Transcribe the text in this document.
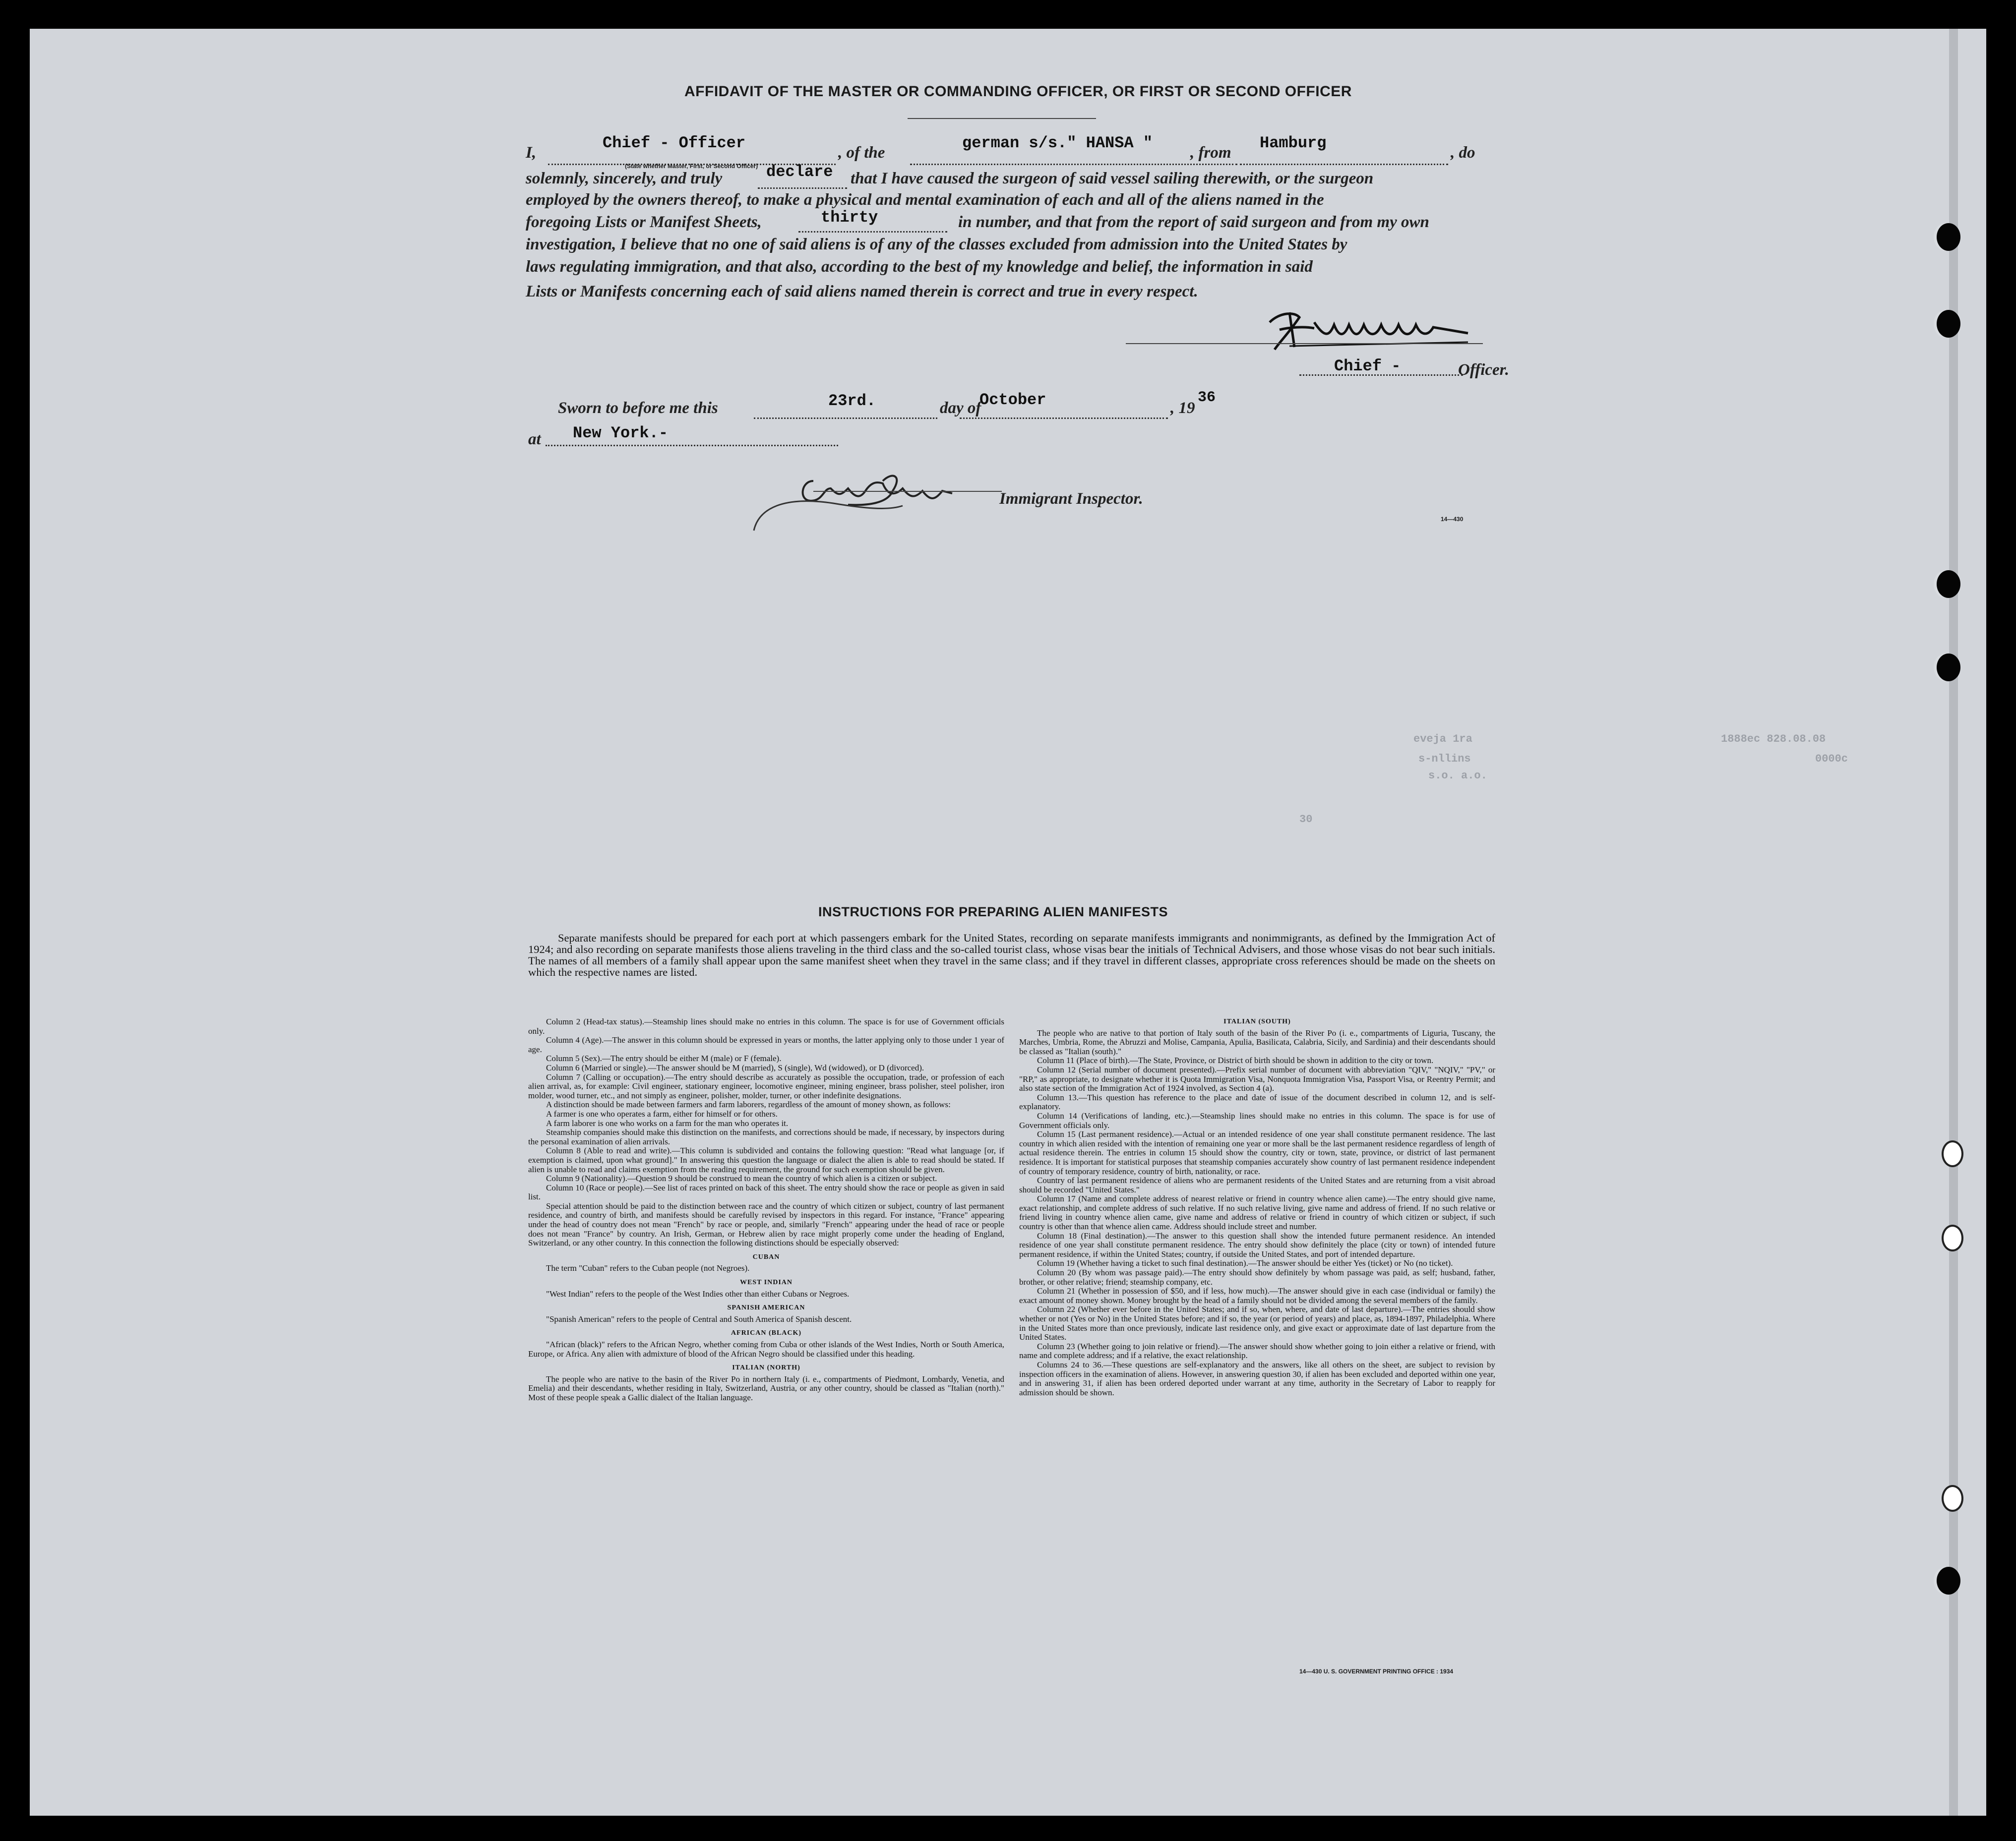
AFFIDAVIT OF THE MASTER OR COMMANDING OFFICER, OR FIRST OR SECOND OFFICER
I,
Chief - Officer
(State whether Master, First, or Second Officer)
, of the
german s/s." HANSA "
, from
Hamburg
, do
solemnly, sincerely, and truly	declare that I have caused the surgeon of said vessel sailing therewith, or the surgeon
employed by the owners thereof, to make a physical and mental examination of each and all of the aliens named in the
foregoing Lists or Manifest Sheets,	thirty	in number, and that from the report of said surgeon and from my own
investigation, I believe that no one of said aliens is of any of the classes excluded from admission into the United States by
laws regulating immigration, and that also, according to the best of my knowledge and belief, the information in said
Lists or Manifests concerning each of said aliens named therein is correct and true in every respect.
Chief -	Officer.
Sworn to before me this	23rd.	day of
October	, 19
36
at New York.-
Immigrant Inspector.
14—430
eveja 1ra
s-nllins
s.o. a.o.
1888ec 828.08.08
0000c
30
INSTRUCTIONS FOR PREPARING ALIEN MANIFESTS
Separate manifests should be prepared for each port at which passengers embark for the United States, recording on separate manifests immigrants and nonimmigrants, as defined by the Immigration Act of 1924; and also recording on separate manifests those aliens traveling in the third class and the so-called tourist class, whose visas bear the initials of Technical Advisers, and those whose visas do not bear such initials. The names of all members of a family shall appear upon the same manifest sheet when they travel in the same class; and if they travel in different classes, appropriate cross references should be made on the sheets on which the respective names are listed.

Column 2 (Head-tax status).—Steamship lines should make no entries in this column. The space is for use of Government officials only.

Column 4 (Age).—The answer in this column should be expressed in years or months, the latter applying only to those under 1 year of age.

Column 5 (Sex).—The entry should be either M (male) or F (female).

Column 6 (Married or single).—The answer should be M (married), S (single), Wd (widowed), or D (divorced).

Column 7 (Calling or occupation).—The entry should describe as accurately as possible the occupation, trade, or profession of each alien arrival, as, for example: Civil engineer, stationary engineer, locomotive engineer, mining engineer, brass polisher, steel polisher, iron molder, wood turner, etc., and not simply as engineer, polisher, molder, turner, or other indefinite designations.

A distinction should be made between farmers and farm laborers, regardless of the amount of money shown, as follows:

A farmer is one who operates a farm, either for himself or for others.

A farm laborer is one who works on a farm for the man who operates it.

Steamship companies should make this distinction on the manifests, and corrections should be made, if necessary, by inspectors during the personal examination of alien arrivals.

Column 8 (Able to read and write).—This column is subdivided and contains the following question: "Read what language [or, if exemption is claimed, upon what ground]." In answering this question the language or dialect the alien is able to read should be stated. If alien is unable to read and claims exemption from the reading requirement, the ground for such exemption should be given.

Column 9 (Nationality).—Question 9 should be construed to mean the country of which alien is a citizen or subject.

Column 10 (Race or people).—See list of races printed on back of this sheet. The entry should show the race or people as given in said list.

Special attention should be paid to the distinction between race and the country of which citizen or subject, country of last permanent residence, and country of birth, and manifests should be carefully revised by inspectors in this regard. For instance, "France" appearing under the head of country does not mean "French" by race or people, and, similarly "French" appearing under the head of race or people does not mean "France" by country. An Irish, German, or Hebrew alien by race might properly come under the heading of England, Switzerland, or any other country. In this connection the following distinctions should be especially observed:

CUBAN

The term "Cuban" refers to the Cuban people (not Negroes).

WEST INDIAN

"West Indian" refers to the people of the West Indies other than either Cubans or Negroes.

SPANISH AMERICAN

"Spanish American" refers to the people of Central and South America of Spanish descent.

AFRICAN (BLACK)

"African (black)" refers to the African Negro, whether coming from Cuba or other islands of the West Indies, North or South America, Europe, or Africa. Any alien with admixture of blood of the African Negro should be classified under this heading.

ITALIAN (NORTH)

The people who are native to the basin of the River Po in northern Italy (i. e., compartments of Piedmont, Lombardy, Venetia, and Emelia) and their descendants, whether residing in Italy, Switzerland, Austria, or any other country, should be classed as "Italian (north)." Most of these people speak a Gallic dialect of the Italian language.

ITALIAN (SOUTH)

The people who are native to that portion of Italy south of the basin of the River Po (i. e., compartments of Liguria, Tuscany, the Marches, Umbria, Rome, the Abruzzi and Molise, Campania, Apulia, Basilicata, Calabria, Sicily, and Sardinia) and their descendants should be classed as "Italian (south)."

Column 11 (Place of birth).—The State, Province, or District of birth should be shown in addition to the city or town.

Column 12 (Serial number of document presented).—Prefix serial number of document with abbreviation "QIV," "NQIV," "PV," or "RP," as appropriate, to designate whether it is Quota Immigration Visa, Nonquota Immigration Visa, Passport Visa, or Reentry Permit; and also state section of the Immigration Act of 1924 involved, as Section 4 (a).

Column 13.—This question has reference to the place and date of issue of the document described in column 12, and is self-explanatory.

Column 14 (Verifications of landing, etc.).—Steamship lines should make no entries in this column. The space is for use of Government officials only.

Column 15 (Last permanent residence).—Actual or an intended residence of one year shall constitute permanent residence. The last country in which alien resided with the intention of remaining one year or more shall be the last permanent residence regardless of length of actual residence therein. The entries in column 15 should show the country, city or town, state, province, or district of last permanent residence. It is important for statistical purposes that steamship companies accurately show country of last permanent residence independent of country of temporary residence, country of birth, nationality, or race.

Country of last permanent residence of aliens who are permanent residents of the United States and are returning from a visit abroad should be recorded "United States."

Column 17 (Name and complete address of nearest relative or friend in country whence alien came).—The entry should give name, exact relationship, and complete address of such relative. If no such relative living, give name and address of friend. If no such relative or friend living in country whence alien came, give name and address of relative or friend in country of which citizen or subject, if such country is other than that whence alien came. Address should include street and number.

Column 18 (Final destination).—The answer to this question shall show the intended future permanent residence. An intended residence of one year shall constitute permanent residence. The entry should show definitely the place (city or town) of intended future permanent residence, if within the United States; country, if outside the United States, and port of intended departure.

Column 19 (Whether having a ticket to such final destination).—The answer should be either Yes (ticket) or No (no ticket).

Column 20 (By whom was passage paid).—The entry should show definitely by whom passage was paid, as self; husband, father, brother, or other relative; friend; steamship company, etc.

Column 21 (Whether in possession of $50, and if less, how much).—The answer should give in each case (individual or family) the exact amount of money shown. Money brought by the head of a family should not be divided among the several members of the family.

Column 22 (Whether ever before in the United States; and if so, when, where, and date of last departure).—The entries should show whether or not (Yes or No) in the United States before; and if so, the year (or period of years) and place, as, 1894-1897, Philadelphia. Where in the United States more than once previously, indicate last residence only, and give exact or approximate date of last departure from the United States.

Column 23 (Whether going to join relative or friend).—The answer should show whether going to join either a relative or friend, with name and complete address; and if a relative, the exact relationship.

Columns 24 to 36.—These questions are self-explanatory and the answers, like all others on the sheet, are subject to revision by inspection officers in the examination of aliens. However, in answering question 30, if alien has been excluded and deported within one year, and in answering 31, if alien has been ordered deported under warrant at any time, authority in the Secretary of Labor to reapply for admission should be shown.

14—430 U. S. GOVERNMENT PRINTING OFFICE : 1934
